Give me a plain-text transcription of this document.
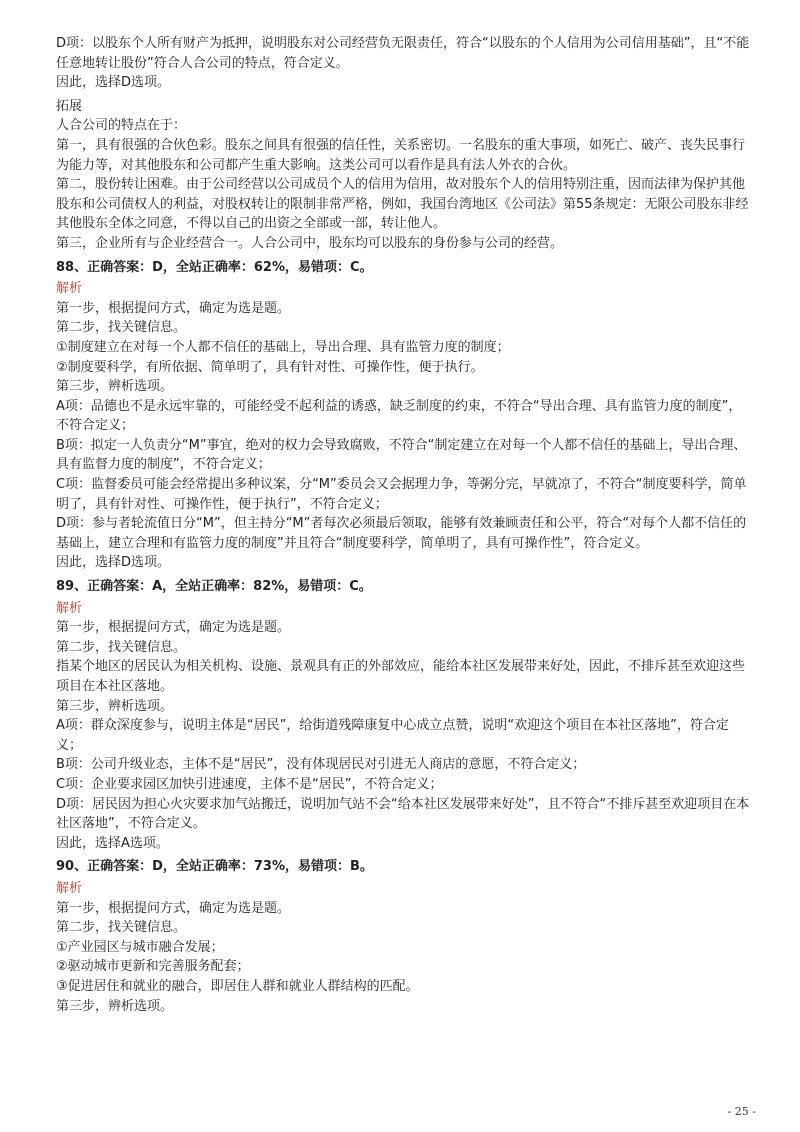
D项：以股东个人所有财产为抵押，说明股东对公司经营负无限责任，符合“以股东的个人信用为公司信用基础”，且“不能任意地转让股份”符合人合公司的特点，符合定义。

因此，选择D选项。

拓展

人合公司的特点在于：

第一，具有很强的合伙色彩。股东之间具有很强的信任性，关系密切。一名股东的重大事项，如死亡、破产、丧失民事行为能力等，对其他股东和公司都产生重大影响。这类公司可以看作是具有法人外衣的合伙。

第二，股份转让困难。由于公司经营以公司成员个人的信用为信用，故对股东个人的信用特别注重，因而法律为保护其他股东和公司债权人的利益，对股权转让的限制非常严格，例如，我国台湾地区《公司法》第55条规定：无限公司股东非经其他股东全体之同意，不得以自己的出资之全部或一部，转让他人。

第三，企业所有与企业经营合一。人合公司中，股东均可以股东的身份参与公司的经营。

88、正确答案：D，全站正确率：62%，易错项：C。

解析

第一步，根据提问方式，确定为选是题。

第二步，找关键信息。

①制度建立在对每一个人都不信任的基础上，导出合理、具有监管力度的制度；

②制度要科学，有所依据、简单明了，具有针对性、可操作性，便于执行。

第三步，辨析选项。

A项：品德也不是永远牢靠的，可能经受不起利益的诱惑，缺乏制度的约束，不符合“导出合理、具有监管力度的制度”，不符合定义；

B项：拟定一人负责分“M”事宜，绝对的权力会导致腐败，不符合“制定建立在对每一个人都不信任的基础上，导出合理、具有监督力度的制度”，不符合定义；

C项：监督委员可能会经常提出多种议案，分“M”委员会又会据理力争，等粥分完，早就凉了，不符合“制度要科学，简单明了，具有针对性、可操作性，便于执行”，不符合定义；

D项：参与者轮流值日分“M”，但主持分“M”者每次必须最后领取，能够有效兼顾责任和公平，符合“对每个人都不信任的基础上，建立合理和有监管力度的制度”并且符合“制度要科学，简单明了，具有可操作性”，符合定义。

因此，选择D选项。

89、正确答案：A，全站正确率：82%，易错项：C。

解析

第一步，根据提问方式，确定为选是题。

第二步，找关键信息。

指某个地区的居民认为相关机构、设施、景观具有正的外部效应，能给本社区发展带来好处，因此，不排斥甚至欢迎这些项目在本社区落地。

第三步，辨析选项。

A项：群众深度参与，说明主体是“居民”，给街道残障康复中心成立点赞，说明“欢迎这个项目在本社区落地”，符合定义；

B项：公司升级业态，主体不是“居民”，没有体现居民对引进无人商店的意愿，不符合定义；

C项：企业要求园区加快引进速度，主体不是“居民”，不符合定义；

D项：居民因为担心火灾要求加气站搬迁，说明加气站不会“给本社区发展带来好处”，且不符合“不排斥甚至欢迎项目在本社区落地”，不符合定义。

因此，选择A选项。

90、正确答案：D，全站正确率：73%，易错项：B。

解析

第一步，根据提问方式，确定为选是题。

第二步，找关键信息。

①产业园区与城市融合发展；

②驱动城市更新和完善服务配套；

③促进居住和就业的融合，即居住人群和就业人群结构的匹配。

第三步，辨析选项。

- 25 -
